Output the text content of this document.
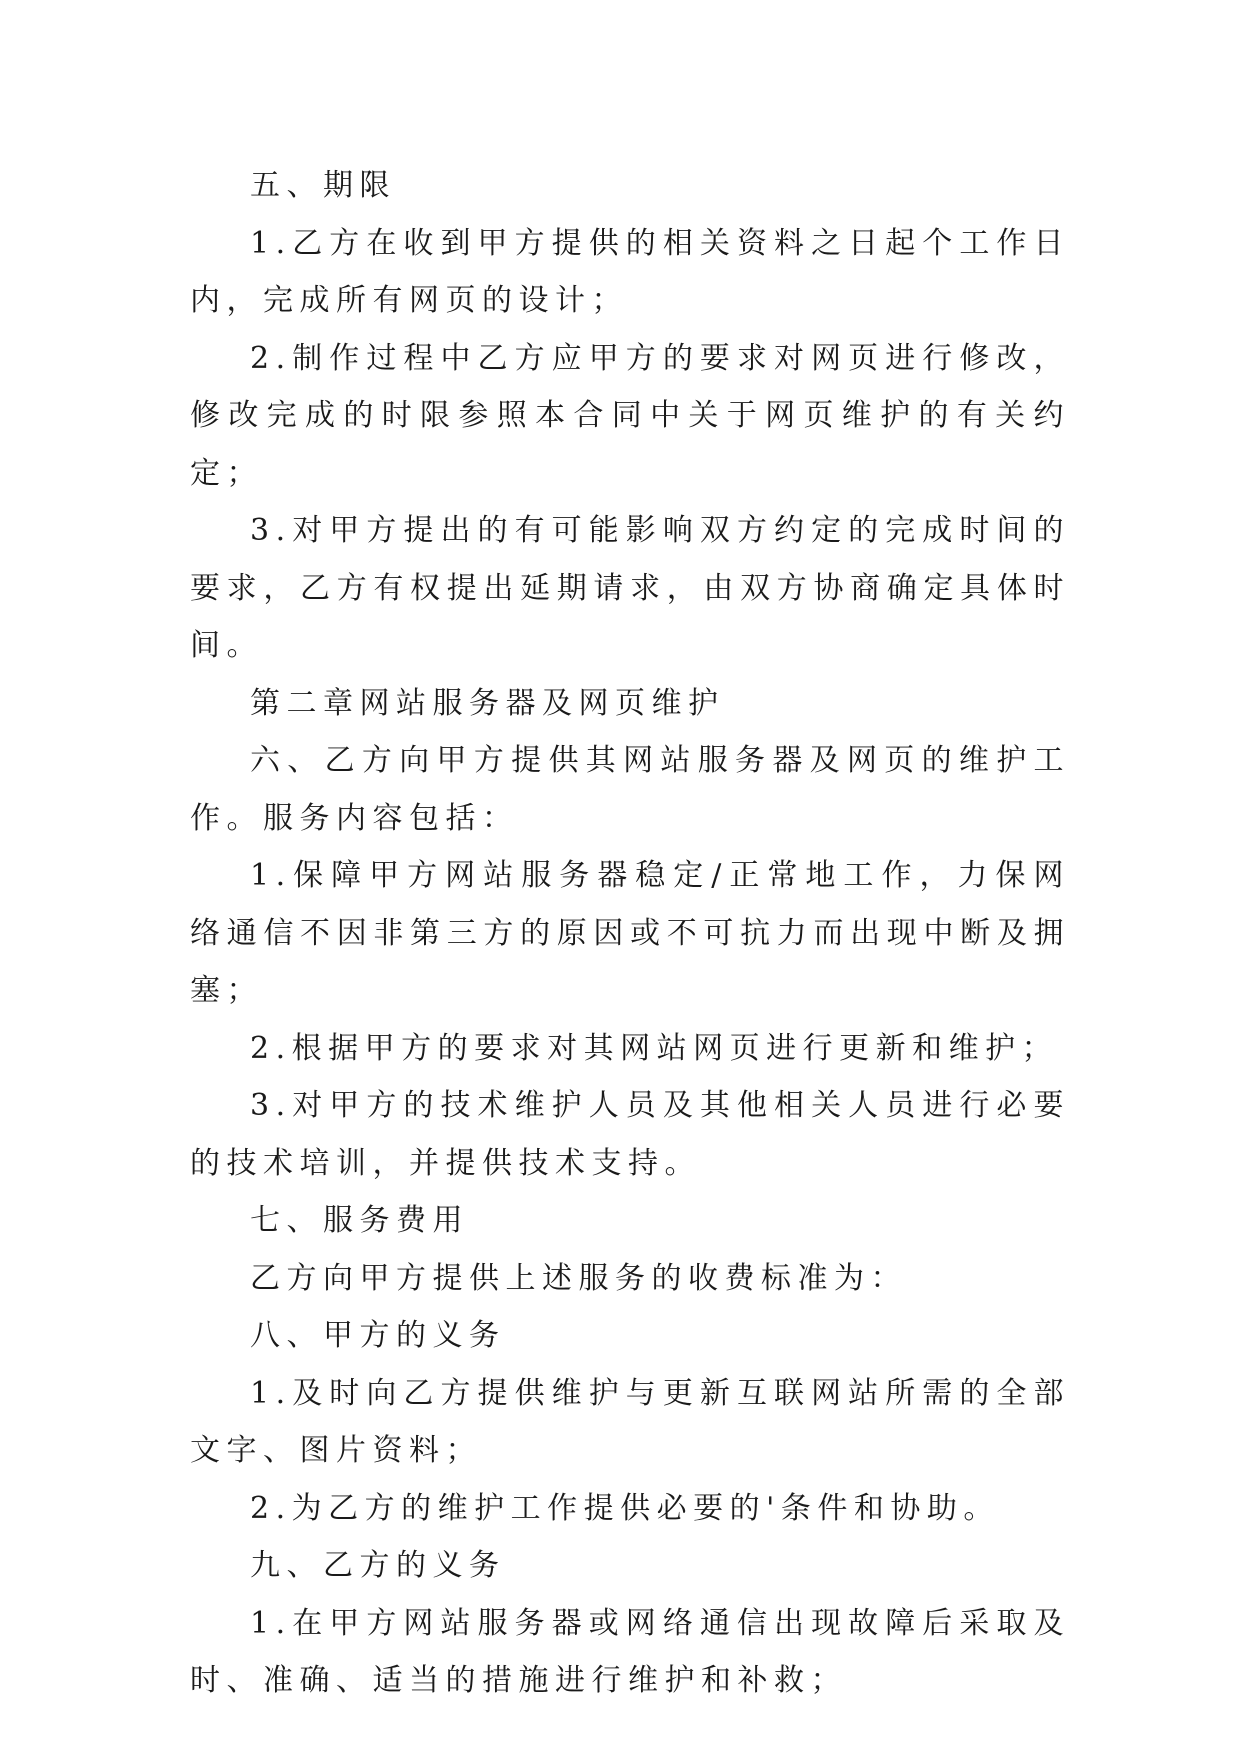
五、期限

1.乙方在收到甲方提供的相关资料之日起个工作日内，完成所有网页的设计；

2.制作过程中乙方应甲方的要求对网页进行修改，修改完成的时限参照本合同中关于网页维护的有关约定；

3.对甲方提出的有可能影响双方约定的完成时间的要求，乙方有权提出延期请求，由双方协商确定具体时间。

第二章网站服务器及网页维护

六、乙方向甲方提供其网站服务器及网页的维护工作。服务内容包括：

1.保障甲方网站服务器稳定/正常地工作，力保网络通信不因非第三方的原因或不可抗力而出现中断及拥塞；

2.根据甲方的要求对其网站网页进行更新和维护；

3.对甲方的技术维护人员及其他相关人员进行必要的技术培训，并提供技术支持。

七、服务费用

乙方向甲方提供上述服务的收费标准为：

八、甲方的义务

1.及时向乙方提供维护与更新互联网站所需的全部文字、图片资料；

2.为乙方的维护工作提供必要的'条件和协助。

九、乙方的义务

1.在甲方网站服务器或网络通信出现故障后采取及时、准确、适当的措施进行维护和补救；
